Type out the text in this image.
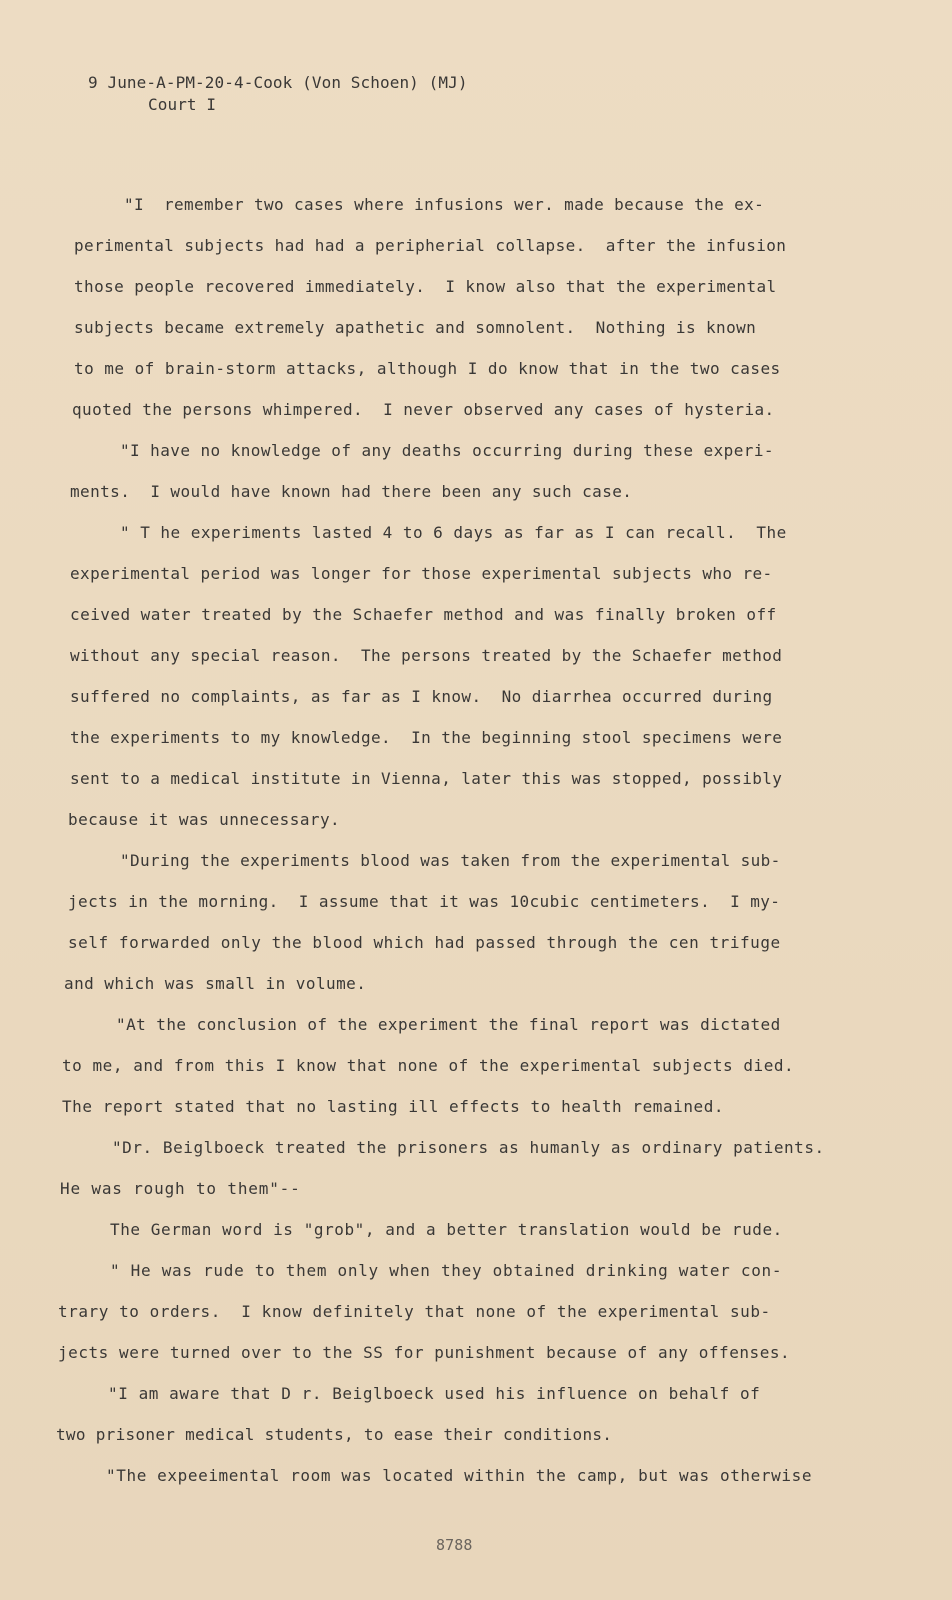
9 June-A-PM-20-4-Cook (Von Schoen) (MJ)
Court I
"I  remember two cases where infusions wer. made because the ex-
perimental subjects had had a peripherial collapse.  after the infusion
those people recovered immediately.  I know also that the experimental
subjects became extremely apathetic and somnolent.  Nothing is known
to me of brain-storm attacks, although I do know that in the two cases
quoted the persons whimpered.  I never observed any cases of hysteria.
"I have no knowledge of any deaths occurring during these experi-
ments.  I would have known had there been any such case.
" T he experiments lasted 4 to 6 days as far as I can recall.  The
experimental period was longer for those experimental subjects who re-
ceived water treated by the Schaefer method and was finally broken off
without any special reason.  The persons treated by the Schaefer method
suffered no complaints, as far as I know.  No diarrhea occurred during
the experiments to my knowledge.  In the beginning stool specimens were
sent to a medical institute in Vienna, later this was stopped, possibly
because it was unnecessary.
"During the experiments blood was taken from the experimental sub-
jects in the morning.  I assume that it was 10cubic centimeters.  I my-
self forwarded only the blood which had passed through the cen trifuge
and which was small in volume.
"At the conclusion of the experiment the final report was dictated
to me, and from this I know that none of the experimental subjects died.
The report stated that no lasting ill effects to health remained.
"Dr. Beiglboeck treated the prisoners as humanly as ordinary patients.
He was rough to them"--
The German word is "grob", and a better translation would be rude.
" He was rude to them only when they obtained drinking water con-
trary to orders.  I know definitely that none of the experimental sub-
jects were turned over to the SS for punishment because of any offenses.
"I am aware that D r. Beiglboeck used his influence on behalf of
two prisoner medical students, to ease their conditions.
"The expeeimental room was located within the camp, but was otherwise
8788
